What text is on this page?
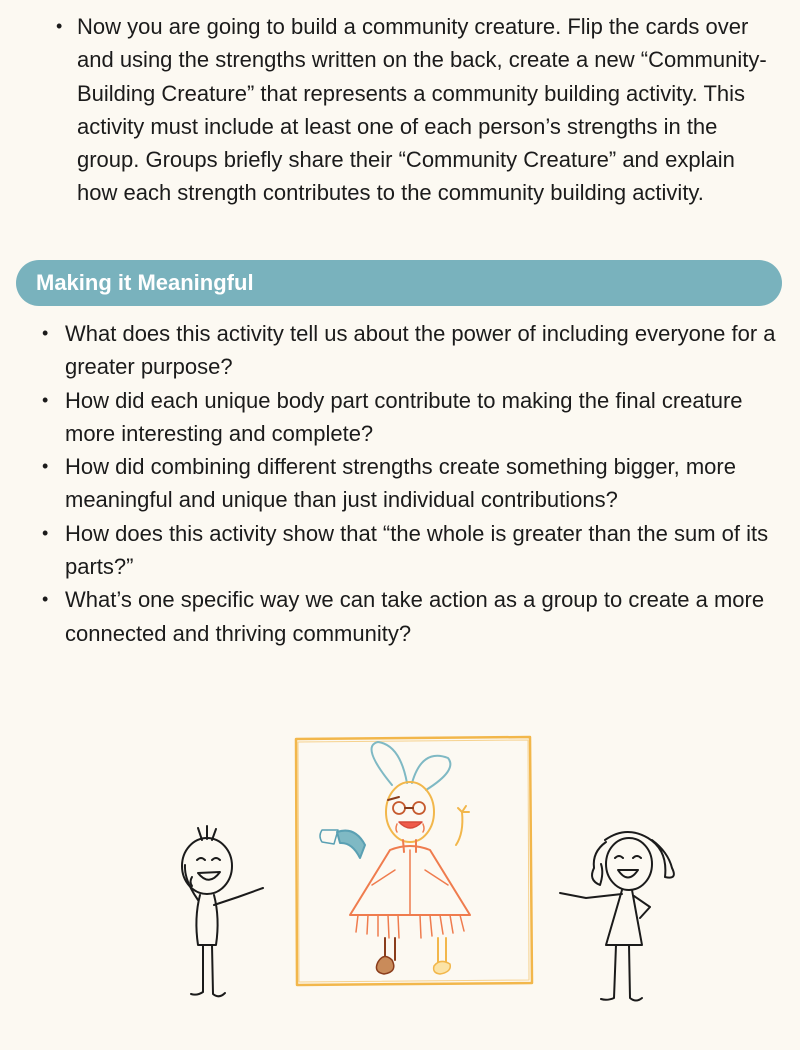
• Now you are going to build a community creature. Flip the cards over and using the strengths written on the back, create a new “Community-Building Creature” that represents a community building activity. This activity must include at least one of each person’s strengths in the group. Groups briefly share their “Community Creature” and explain how each strength contributes to the community building activity.
Making it Meaningful
• What does this activity tell us about the power of including everyone for a greater purpose?
• How did each unique body part contribute to making the final creature more interesting and complete?
• How did combining different strengths create something bigger, more meaningful and unique than just individual contributions?
• How does this activity show that “the whole is greater than the sum of its parts?”
• What’s one specific way we can take action as a group to create a more connected and thriving community?
